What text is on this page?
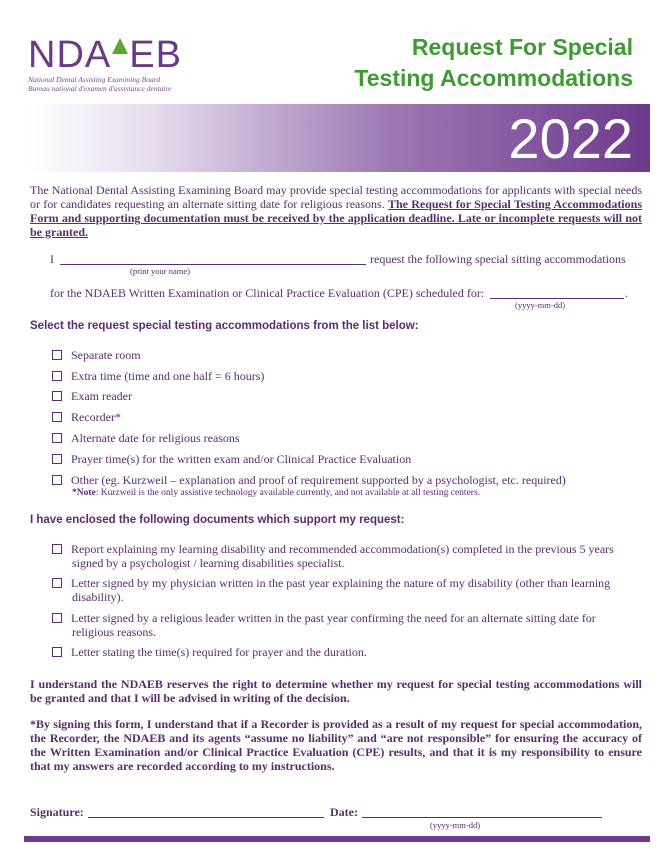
NDA EB
National Dental Assisting Examining Board
Bureau national d'examen d'assistance dentaire
Request For Special
Testing Accommodations
2022
The National Dental Assisting Examining Board may provide special testing accommodations for applicants with special needs or for candidates requesting an alternate sitting date for religious reasons. The Request for Special Testing Accommodations Form and supporting documentation must be received by the application deadline. Late or incomplete requests will not be granted.
I	request the following special sitting accommodations
(print your name)
for the NDAEB Written Examination or Clinical Practice Evaluation (CPE) scheduled for:	.
(yyyy-mm-dd)
Select the request special testing accommodations from the list below:
Separate room
Extra time (time and one half = 6 hours)
Exam reader
Recorder*
Alternate date for religious reasons
Prayer time(s) for the written exam and/or Clinical Practice Evaluation
Other (eg. Kurzweil – explanation and proof of requirement supported by a psychologist, etc. required)
*Note: Kurzweil is the only assistive technology available currently, and not available at all testing centers.
I have enclosed the following documents which support my request:
Report explaining my learning disability and recommended accommodation(s) completed in the previous 5 years
signed by a psychologist / learning disabilities specialist.
Letter signed by my physician written in the past year explaining the nature of my disability (other than learning
disability).
Letter signed by a religious leader written in the past year confirming the need for an alternate sitting date for
religious reasons.
Letter stating the time(s) required for prayer and the duration.
I understand the NDAEB reserves the right to determine whether my request for special testing accommodations will be granted and that I will be advised in writing of the decision.
*By signing this form, I understand that if a Recorder is provided as a result of my request for special accommodation, the Recorder, the NDAEB and its agents “assume no liability” and “are not responsible” for ensuring the accuracy of the Written Examination and/or Clinical Practice Evaluation (CPE) results, and that it is my responsibility to ensure that my answers are recorded according to my instructions.
Signature:	Date:
(yyyy-mm-dd)
